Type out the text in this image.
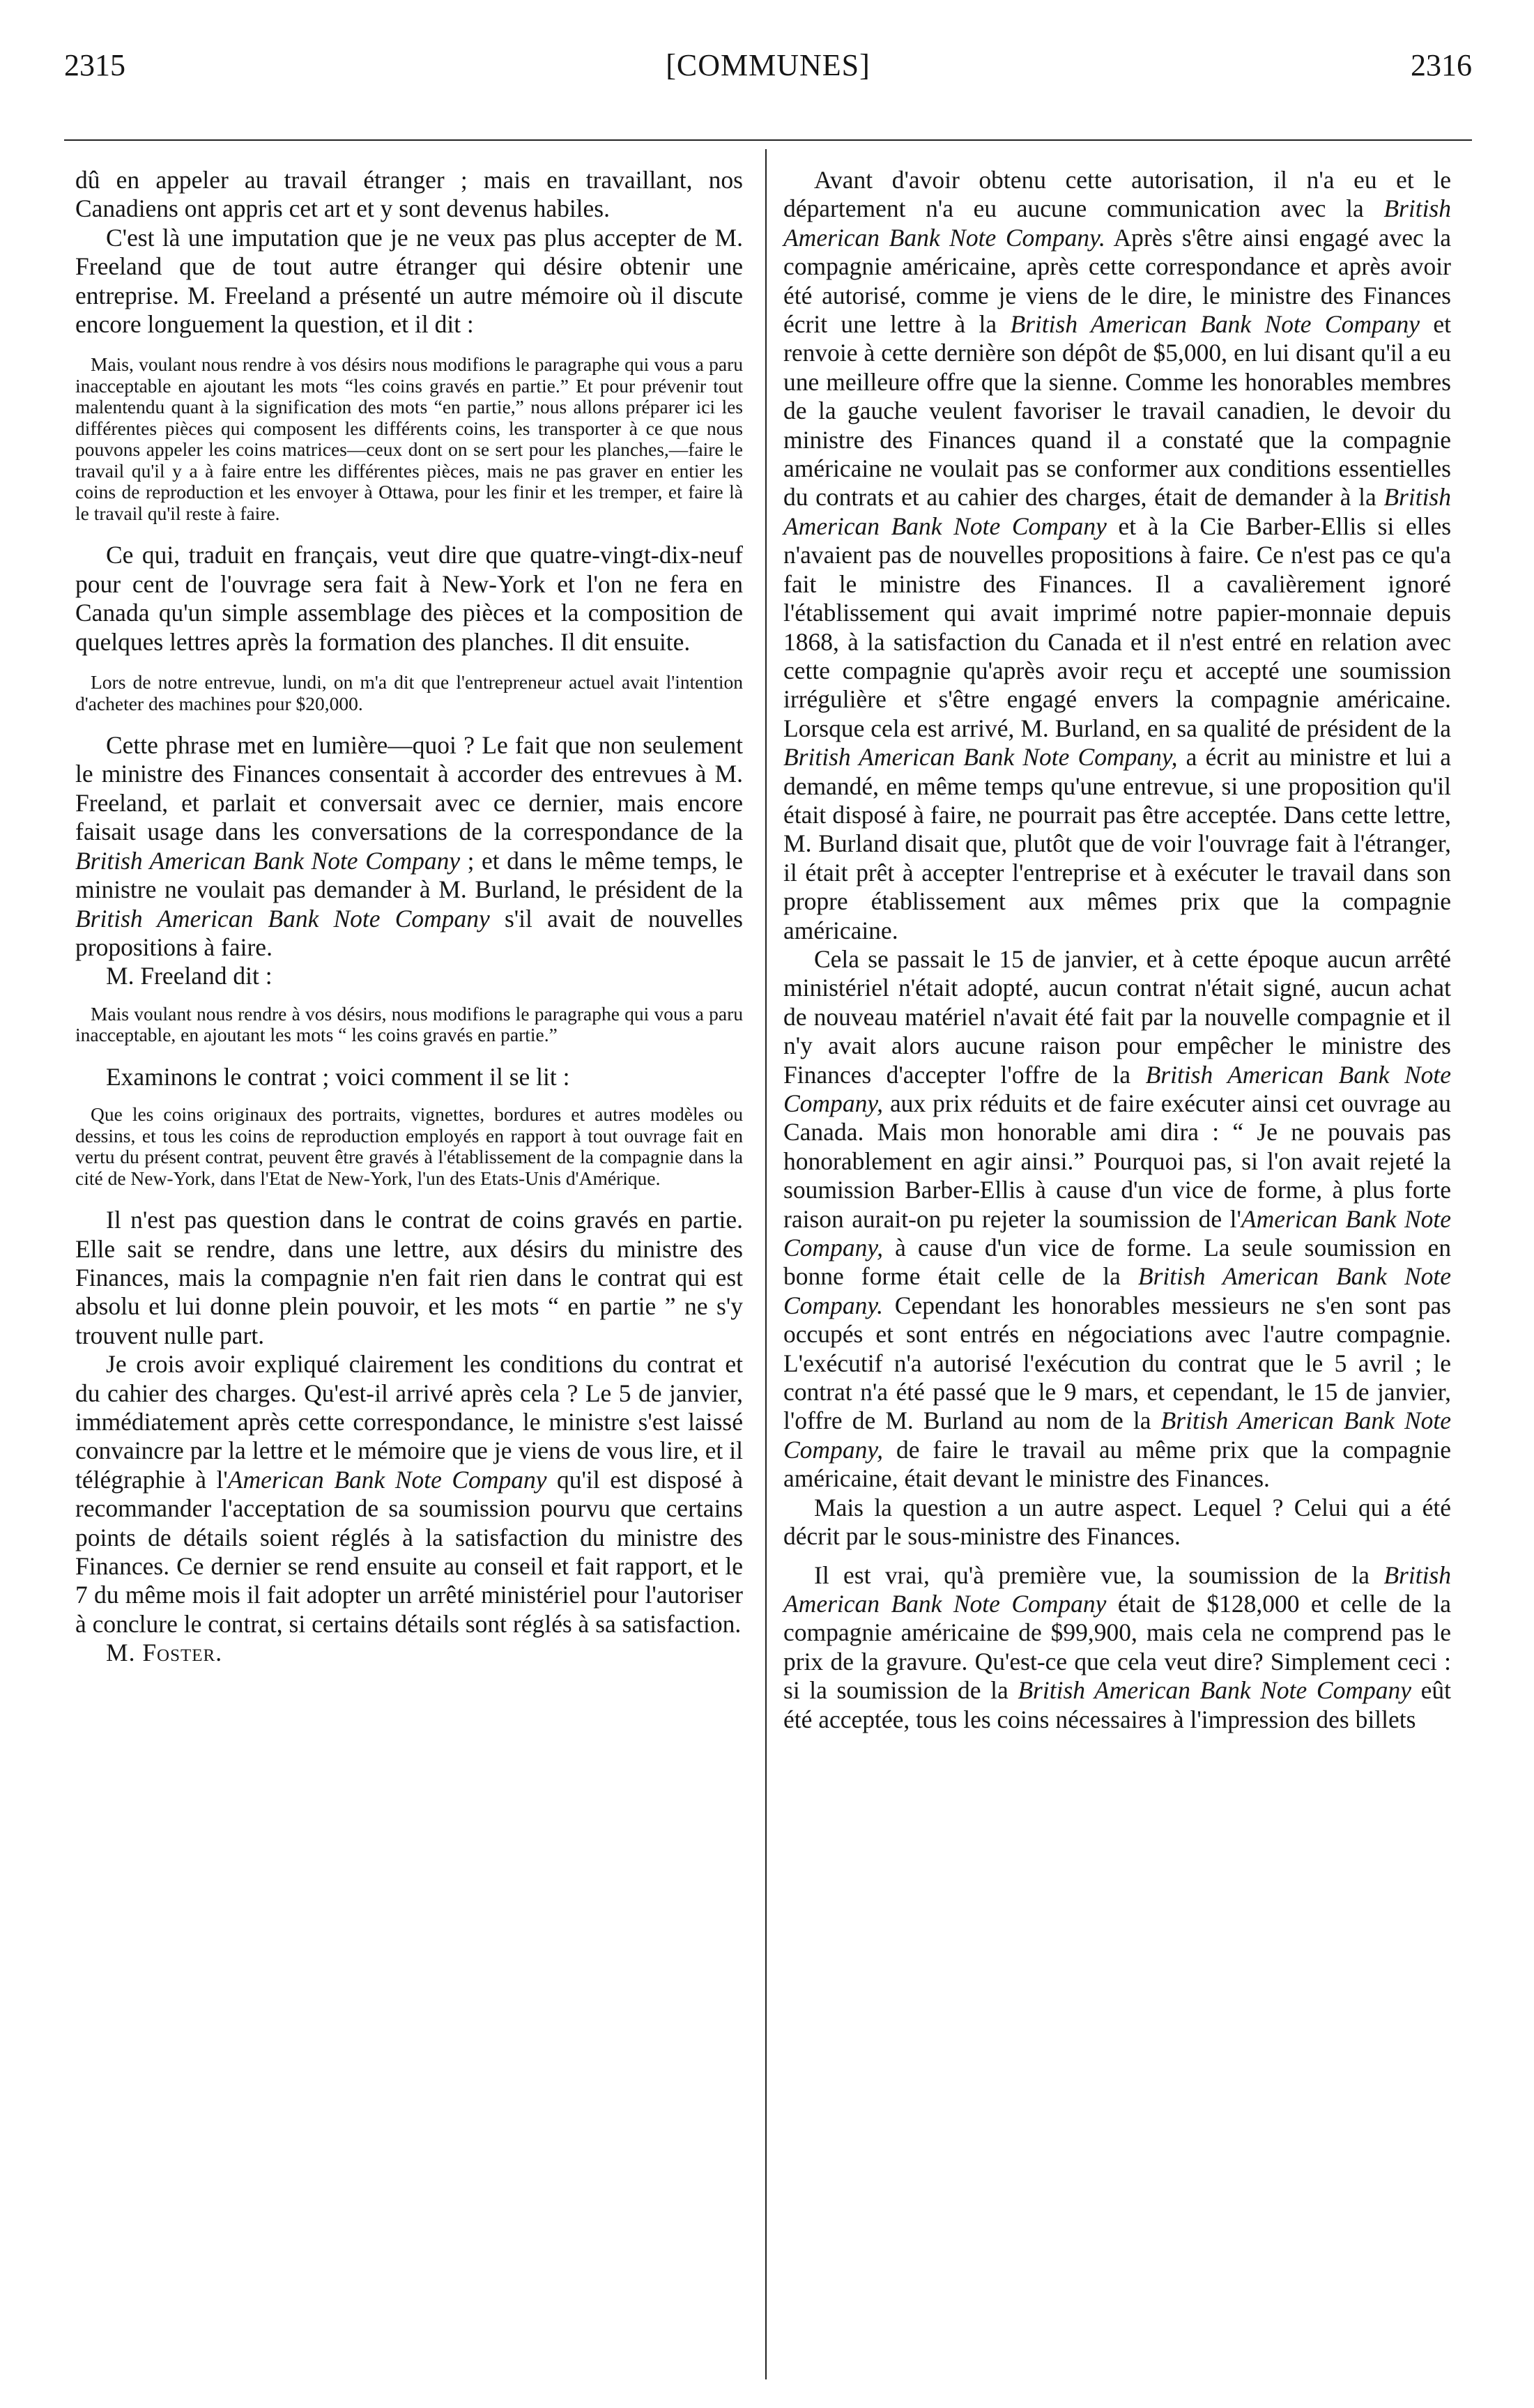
2315	[COMMUNES]	2316

dû en appeler au travail étranger ; mais en travaillant, nos Canadiens ont appris cet art et y sont devenus habiles.

C'est là une imputation que je ne veux pas plus accepter de M. Freeland que de tout autre étranger qui désire obtenir une entreprise. M. Freeland a présenté un autre mémoire où il discute encore longuement la question, et il dit :

Mais, voulant nous rendre à vos désirs nous modifions le paragraphe qui vous a paru inacceptable en ajoutant les mots “les coins gravés en partie.” Et pour prévenir tout malentendu quant à la signification des mots “en partie,” nous allons préparer ici les différentes pièces qui composent les différents coins, les transporter à ce que nous pouvons appeler les coins matrices—ceux dont on se sert pour les planches,—faire le travail qu'il y a à faire entre les différentes pièces, mais ne pas graver en entier les coins de reproduction et les envoyer à Ottawa, pour les finir et les tremper, et faire là le travail qu'il reste à faire.

Ce qui, traduit en français, veut dire que quatre-vingt-dix-neuf pour cent de l'ouvrage sera fait à New-York et l'on ne fera en Canada qu'un simple assemblage des pièces et la composition de quelques lettres après la formation des planches. Il dit ensuite.

Lors de notre entrevue, lundi, on m'a dit que l'entrepreneur actuel avait l'intention d'acheter des machines pour $20,000.

Cette phrase met en lumière—quoi ? Le fait que non seulement le ministre des Finances consentait à accorder des entrevues à M. Freeland, et parlait et conversait avec ce dernier, mais encore faisait usage dans les conversations de la correspondance de la British American Bank Note Company ; et dans le même temps, le ministre ne voulait pas demander à M. Burland, le président de la British American Bank Note Company s'il avait de nouvelles propositions à faire.

M. Freeland dit :

Mais voulant nous rendre à vos désirs, nous modifions le paragraphe qui vous a paru inacceptable, en ajoutant les mots “ les coins gravés en partie.”

Examinons le contrat ; voici comment il se lit :

Que les coins originaux des portraits, vignettes, bordures et autres modèles ou dessins, et tous les coins de reproduction employés en rapport à tout ouvrage fait en vertu du présent contrat, peuvent être gravés à l'établissement de la compagnie dans la cité de New-York, dans l'Etat de New-York, l'un des Etats-Unis d'Amérique.

Il n'est pas question dans le contrat de coins gravés en partie. Elle sait se rendre, dans une lettre, aux désirs du ministre des Finances, mais la compagnie n'en fait rien dans le contrat qui est absolu et lui donne plein pouvoir, et les mots “ en partie ” ne s'y trouvent nulle part.

Je crois avoir expliqué clairement les conditions du contrat et du cahier des charges. Qu'est-il arrivé après cela ? Le 5 de janvier, immédiatement après cette correspondance, le ministre s'est laissé convaincre par la lettre et le mémoire que je viens de vous lire, et il télégraphie à l'American Bank Note Company qu'il est disposé à recommander l'acceptation de sa soumission pourvu que certains points de détails soient réglés à la satisfaction du ministre des Finances. Ce dernier se rend ensuite au conseil et fait rapport, et le 7 du même mois il fait adopter un arrêté ministériel pour l'autoriser à conclure le contrat, si certains détails sont réglés à sa satisfaction.

M. Foster.

Avant d'avoir obtenu cette autorisation, il n'a eu et le département n'a eu aucune communication avec la British American Bank Note Company. Après s'être ainsi engagé avec la compagnie américaine, après cette correspondance et après avoir été autorisé, comme je viens de le dire, le ministre des Finances écrit une lettre à la British American Bank Note Company et renvoie à cette dernière son dépôt de $5,000, en lui disant qu'il a eu une meilleure offre que la sienne. Comme les honorables membres de la gauche veulent favoriser le travail canadien, le devoir du ministre des Finances quand il a constaté que la compagnie américaine ne voulait pas se conformer aux conditions essentielles du contrats et au cahier des charges, était de demander à la British American Bank Note Company et à la Cie Barber-Ellis si elles n'avaient pas de nouvelles propositions à faire. Ce n'est pas ce qu'a fait le ministre des Finances. Il a cavalièrement ignoré l'établissement qui avait imprimé notre papier-monnaie depuis 1868, à la satisfaction du Canada et il n'est entré en relation avec cette compagnie qu'après avoir reçu et accepté une soumission irrégulière et s'être engagé envers la compagnie américaine. Lorsque cela est arrivé, M. Burland, en sa qualité de président de la British American Bank Note Company, a écrit au ministre et lui a demandé, en même temps qu'une entrevue, si une proposition qu'il était disposé à faire, ne pourrait pas être acceptée. Dans cette lettre, M. Burland disait que, plutôt que de voir l'ouvrage fait à l'étranger, il était prêt à accepter l'entreprise et à exécuter le travail dans son propre établissement aux mêmes prix que la compagnie américaine.

Cela se passait le 15 de janvier, et à cette époque aucun arrêté ministériel n'était adopté, aucun contrat n'était signé, aucun achat de nouveau matériel n'avait été fait par la nouvelle compagnie et il n'y avait alors aucune raison pour empêcher le ministre des Finances d'accepter l'offre de la British American Bank Note Company, aux prix réduits et de faire exécuter ainsi cet ouvrage au Canada. Mais mon honorable ami dira : “ Je ne pouvais pas honorablement en agir ainsi.” Pourquoi pas, si l'on avait rejeté la soumission Barber-Ellis à cause d'un vice de forme, à plus forte raison aurait-on pu rejeter la soumission de l'American Bank Note Company, à cause d'un vice de forme. La seule soumission en bonne forme était celle de la British American Bank Note Company. Cependant les honorables messieurs ne s'en sont pas occupés et sont entrés en négociations avec l'autre compagnie. L'exécutif n'a autorisé l'exécution du contrat que le 5 avril ; le contrat n'a été passé que le 9 mars, et cependant, le 15 de janvier, l'offre de M. Burland au nom de la British American Bank Note Company, de faire le travail au même prix que la compagnie américaine, était devant le ministre des Finances.

Mais la question a un autre aspect. Lequel ? Celui qui a été décrit par le sous-ministre des Finances.

Il est vrai, qu'à première vue, la soumission de la British American Bank Note Company était de $128,000 et celle de la compagnie américaine de $99,900, mais cela ne comprend pas le prix de la gravure. Qu'est-ce que cela veut dire? Simplement ceci : si la soumission de la British American Bank Note Company eût été acceptée, tous les coins nécessaires à l'impression des billets
